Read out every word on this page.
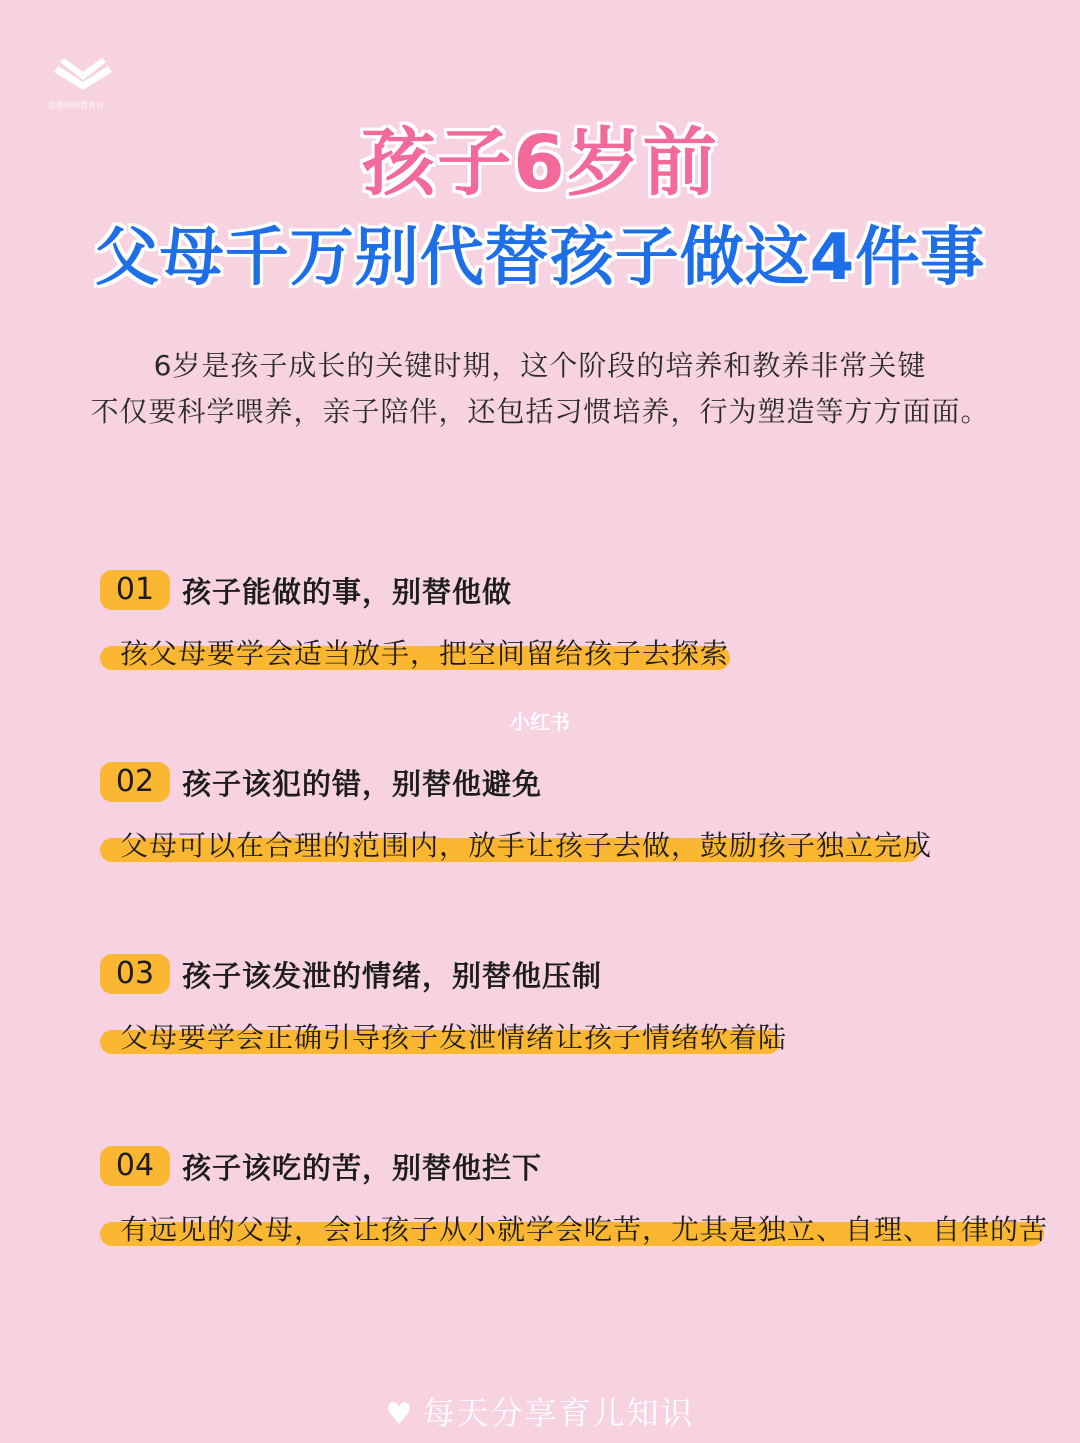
思维妈妈教育社
孩子6岁前
父母千万别代替孩子做这4件事
6岁是孩子成长的关键时期，这个阶段的培养和教养非常关键
不仅要科学喂养，亲子陪伴，还包括习惯培养，行为塑造等方方面面。
01 孩子能做的事，别替他做
孩父母要学会适当放手，把空间留给孩子去探索
小红书
02 孩子该犯的错，别替他避免
父母可以在合理的范围内，放手让孩子去做，鼓励孩子独立完成
03 孩子该发泄的情绪，别替他压制
父母要学会正确引导孩子发泄情绪让孩子情绪软着陆
04 孩子该吃的苦，别替他拦下
有远见的父母，会让孩子从小就学会吃苦，尤其是独立、自理、自律的苦
♥ 每天分享育儿知识
